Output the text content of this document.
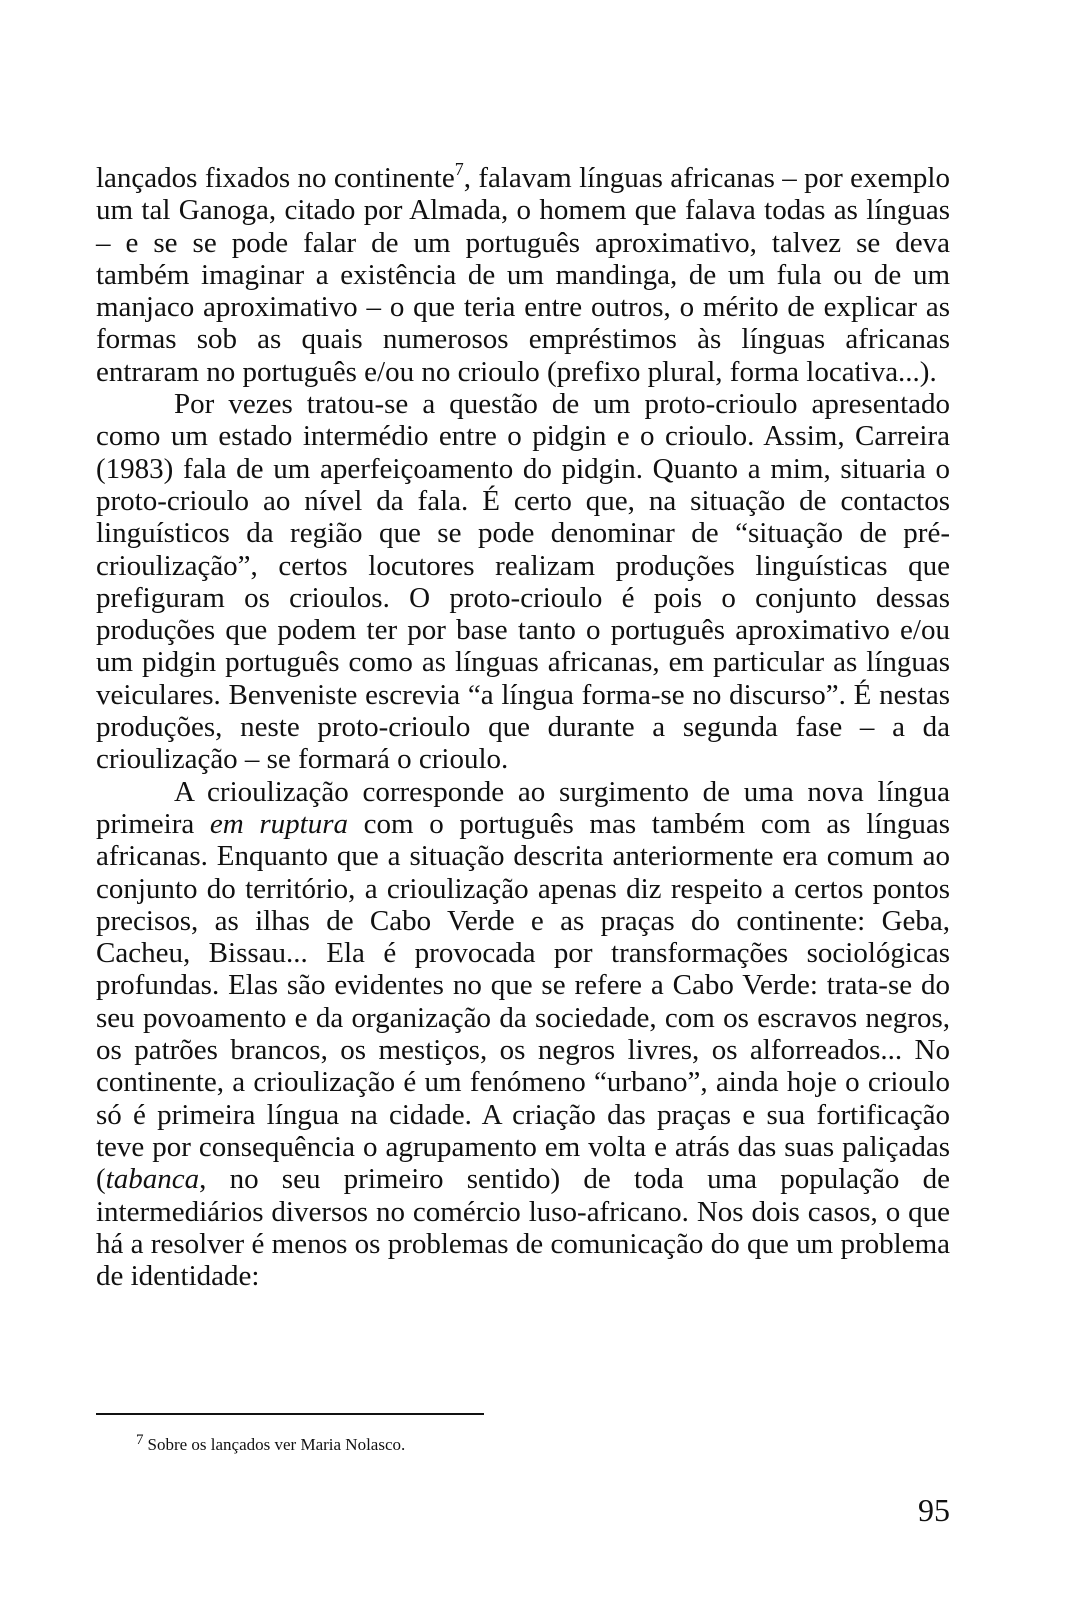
lançados fixados no continente$^7$, falavam línguas africanas – por exemplo um tal Ganoga, citado por Almada, o homem que falava todas as línguas – e se se pode falar de um português aproximativo, talvez se deva também imaginar a existência de um mandinga, de um fula ou de um manjaco aproximativo – o que teria entre outros, o mérito de explicar as formas sob as quais numerosos empréstimos às línguas africanas entraram no português e/ou no crioulo (prefixo plural, forma locativa...).

Por vezes tratou-se a questão de um proto-crioulo apresentado como um estado intermédio entre o pidgin e o crioulo. Assim, Carreira (1983) fala de um aperfeiçoamento do pidgin. Quanto a mim, situaria o proto-crioulo ao nível da fala. É certo que, na situação de contactos linguísticos da região que se pode denominar de “situação de pré-crioulização”, certos locutores realizam produções linguísticas que prefiguram os crioulos. O proto-crioulo é pois o conjunto dessas produções que podem ter por base tanto o português aproximativo e/ou um pidgin português como as línguas africanas, em particular as línguas veiculares. Benveniste escrevia “a língua forma-se no discurso”. É nestas produções, neste proto-crioulo que durante a segunda fase – a da crioulização – se formará o crioulo.

A crioulização corresponde ao surgimento de uma nova língua primeira em ruptura com o português mas também com as línguas africanas. Enquanto que a situação descrita anteriormente era comum ao conjunto do território, a crioulização apenas diz respeito a certos pontos precisos, as ilhas de Cabo Verde e as praças do continente: Geba, Cacheu, Bissau... Ela é provocada por transformações sociológicas profundas. Elas são evidentes no que se refere a Cabo Verde: trata-se do seu povoamento e da organização da sociedade, com os escravos negros, os patrões brancos, os mestiços, os negros livres, os alforreados... No continente, a crioulização é um fenómeno “urbano”, ainda hoje o crioulo só é primeira língua na cidade. A criação das praças e sua fortificação teve por consequência o agrupamento em volta e atrás das suas paliçadas (tabanca, no seu primeiro sentido) de toda uma população de intermediários diversos no comércio luso-africano. Nos dois casos, o que há a resolver é menos os problemas de comunicação do que um problema de identidade:

$^7$ Sobre os lançados ver Maria Nolasco.
95
